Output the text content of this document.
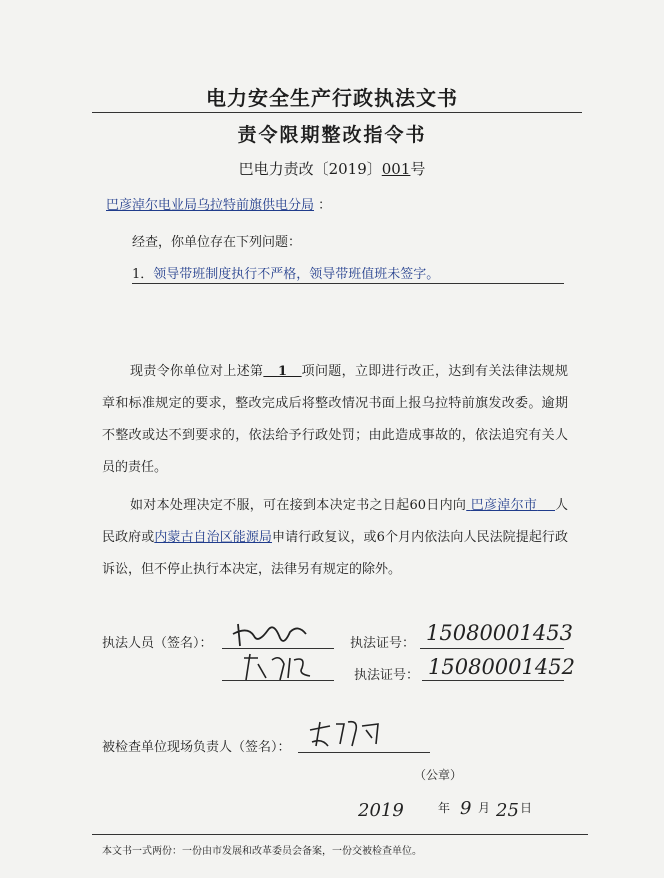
电力安全生产行政执法文书
责令限期整改指令书
巴电力责改〔2019〕001号
巴彦淖尔电业局乌拉特前旗供电分局 ：
经查，你单位存在下列问题：
1．领导带班制度执行不严格，领导带班值班未签字。
现责令你单位对上述第 1 项问题，立即进行改正，达到有关法律法规规章和标准规定的要求，整改完成后将整改情况书面上报乌拉特前旗发改委。逾期不整改或达不到要求的，依法给予行政处罚；由此造成事故的，依法追究有关人员的责任。
如对本处理决定不服，可在接到本决定书之日起60日内向 巴彦淖尔市 人民政府或内蒙古自治区能源局申请行政复议，或6个月内依法向人民法院提起行政诉讼，但不停止执行本决定，法律另有规定的除外。
执法人员（签名）：	执法证号： 15080001453
执法证号： 15080001452
被检查单位现场负责人（签名）：
（公章）
2019	年 9 月 25 日
本文书一式两份：一份由市发展和改革委员会备案，一份交被检查单位。
